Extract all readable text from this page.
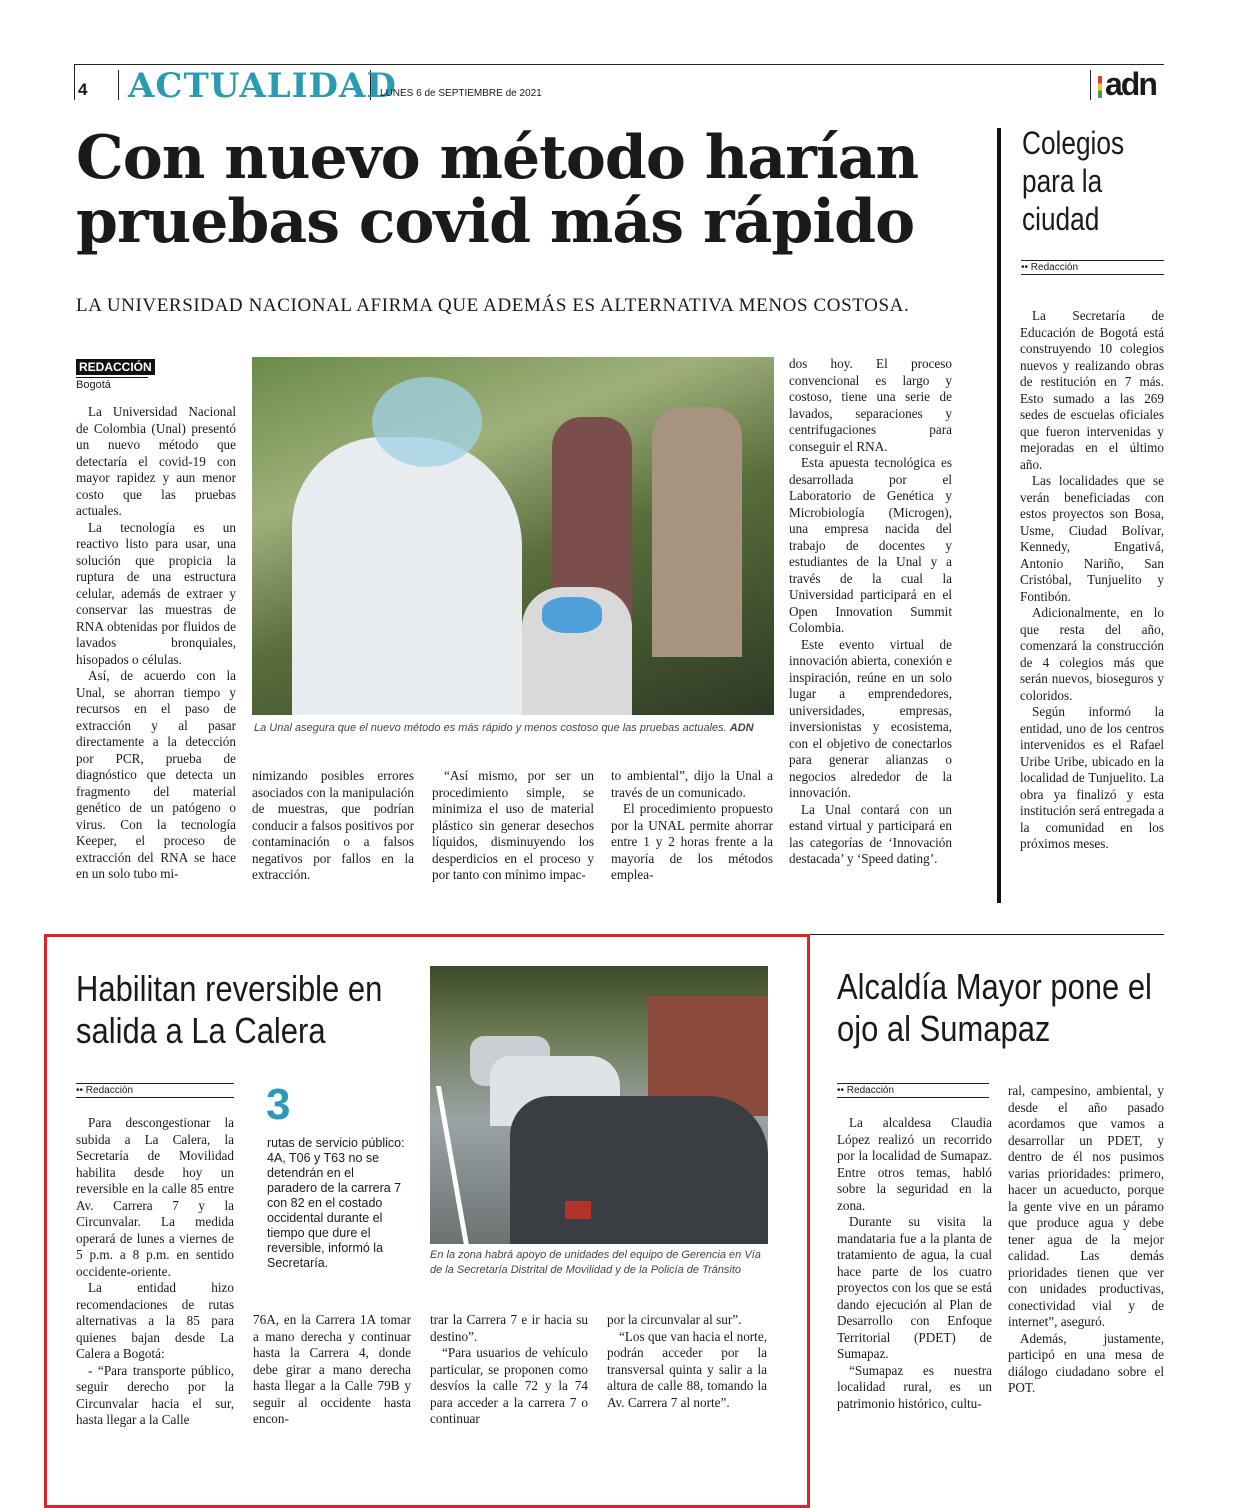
4 ACTUALIDAD
LUNES 6 de SEPTIEMBRE de 2021	adn
Con nuevo método harían pruebas covid más rápido
LA UNIVERSIDAD NACIONAL AFIRMA QUE ADEMÁS ES ALTERNATIVA MENOS COSTOSA.
REDACCIÓN
Bogotá

La Universidad Nacional de Colombia (Unal) presentó un nuevo método que detectaría el covid-19 con mayor rapidez y aun menor costo que las pruebas actuales.

La tecnología es un reactivo listo para usar, una solución que propicia la ruptura de una estructura celular, además de extraer y conservar las muestras de RNA obtenidas por fluidos de lavados bronquiales, hisopados o células.

Así, de acuerdo con la Unal, se ahorran tiempo y recursos en el paso de extracción y al pasar directamente a la detección por PCR, prueba de diagnóstico que detecta un fragmento del material genético de un patógeno o virus. Con la tecnología Keeper, el proceso de extracción del RNA se hace en un solo tubo mi-

La Unal asegura que el nuevo método es más rápido y menos costoso que las pruebas actuales. ADN

nimizando posibles errores asociados con la manipulación de muestras, que podrían conducir a falsos positivos por contaminación o a falsos negativos por fallos en la extracción.

“Así mismo, por ser un procedimiento simple, se minimiza el uso de material plástico sin generar desechos líquidos, disminuyendo los desperdicios en el proceso y por tanto con mínimo impac-

to ambiental”, dijo la Unal a través de un comunicado.

El procedimiento propuesto por la UNAL permite ahorrar entre 1 y 2 horas frente a la mayoría de los métodos emplea-

dos hoy. El proceso convencional es largo y costoso, tiene una serie de lavados, separaciones y centrifugaciones para conseguir el RNA.

Esta apuesta tecnológica es desarrollada por el Laboratorio de Genética y Microbiología (Microgen), una empresa nacida del trabajo de docentes y estudiantes de la Unal y a través de la cual la Universidad participará en el Open Innovation Summit Colombia.

Este evento virtual de innovación abierta, conexión e inspiración, reúne en un solo lugar a emprendedores, universidades, empresas, inversionistas y ecosistema, con el objetivo de conectarlos para generar alianzas o negocios alrededor de la innovación.

La Unal contará con un estand virtual y participará en las categorías de ‘Innovación destacada’ y ‘Speed dating’.

Colegios para la ciudad
•• Redacción

La Secretaría de Educación de Bogotá está construyendo 10 colegios nuevos y realizando obras de restitución en 7 más. Esto sumado a las 269 sedes de escuelas oficiales que fueron intervenidas y mejoradas en el último año.

Las localidades que se verán beneficiadas con estos proyectos son Bosa, Usme, Ciudad Bolívar, Kennedy, Engativá, Antonio Nariño, San Cristóbal, Tunjuelito y Fontibón.

Adicionalmente, en lo que resta del año, comenzará la construcción de 4 colegios más que serán nuevos, bioseguros y coloridos.

Según informó la entidad, uno de los centros intervenidos es el Rafael Uribe Uribe, ubicado en la localidad de Tunjuelito. La obra ya finalizó y esta institución será entregada a la comunidad en los próximos meses.

Habilitan reversible en salida a La Calera
•• Redacción	3
rutas de servicio público: 4A, T06 y T63 no se detendrán en el paradero de la carrera 7 con 82 en el costado occidental durante el tiempo que dure el reversible, informó la Secretaría.

Para descongestionar la subida a La Calera, la Secretaría de Movilidad habilita desde hoy un reversible en la calle 85 entre Av. Carrera 7 y la Circunvalar. La medida operará de lunes a viernes de 5 p.m. a 8 p.m. en sentido occidente-oriente.

La entidad hizo recomendaciones de rutas alternativas a la 85 para quienes bajan desde La Calera a Bogotá:

- “Para transporte público, seguir derecho por la Circunvalar hacia el sur, hasta llegar a la Calle

En la zona habrá apoyo de unidades del equipo de Gerencia en Vía de la Secretaría Distrital de Movilidad y de la Policía de Tránsito

76A, en la Carrera 1A tomar a mano derecha y continuar hasta la Carrera 4, donde debe girar a mano derecha hasta llegar a la Calle 79B y seguir al occidente hasta encon-

trar la Carrera 7 e ir hacia su destino”.

“Para usuarios de vehículo particular, se proponen como desvíos la calle 72 y la 74 para acceder a la carrera 7 o continuar

por la circunvalar al sur”.

“Los que van hacia el norte, podrán acceder por la transversal quinta y salir a la altura de calle 88, tomando la Av. Carrera 7 al norte”.

Alcaldía Mayor pone el ojo al Sumapaz
•• Redacción

La alcaldesa Claudia López realizó un recorrido por la localidad de Sumapaz. Entre otros temas, habló sobre la seguridad en la zona.

Durante su visita la mandataria fue a la planta de tratamiento de agua, la cual hace parte de los cuatro proyectos con los que se está dando ejecución al Plan de Desarrollo con Enfoque Territorial (PDET) de Sumapaz.

“Sumapaz es nuestra localidad rural, es un patrimonio histórico, cultu-

ral, campesino, ambiental, y desde el año pasado acordamos que vamos a desarrollar un PDET, y dentro de él nos pusimos varias prioridades: primero, hacer un acueducto, porque la gente vive en un páramo que produce agua y debe tener agua de la mejor calidad. Las demás prioridades tienen que ver con unidades productivas, conectividad vial y de internet”, aseguró.

Además, justamente, participó en una mesa de diálogo ciudadano sobre el POT.
